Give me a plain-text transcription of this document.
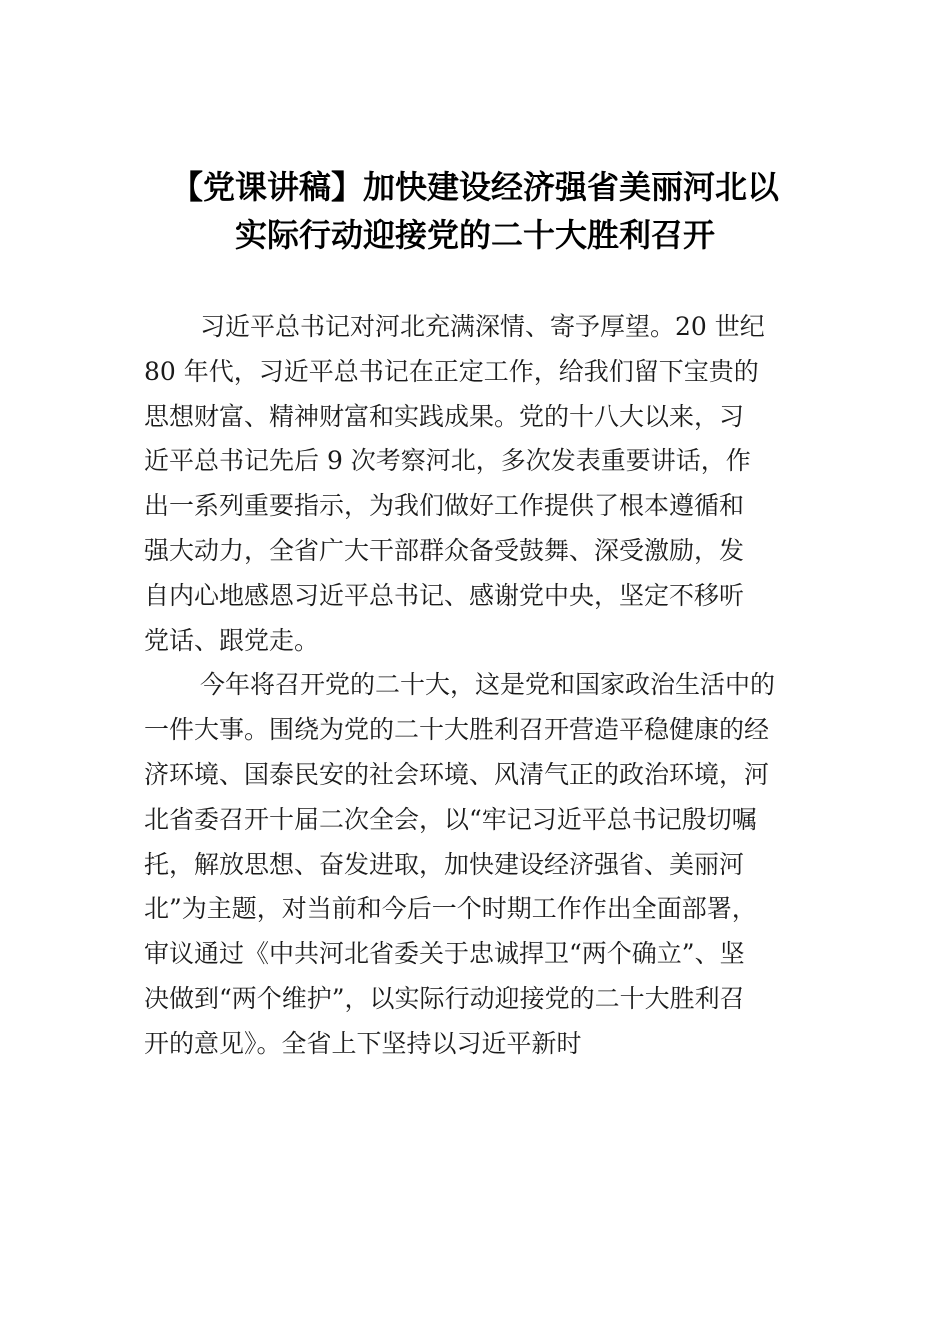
【党课讲稿】加快建设经济强省美丽河北以
实际行动迎接党的二十大胜利召开
习近平总书记对河北充满深情、寄予厚望。20 世纪
80 年代，习近平总书记在正定工作，给我们留下宝贵的
思想财富、精神财富和实践成果。党的十八大以来，习
近平总书记先后 9 次考察河北，多次发表重要讲话，作
出一系列重要指示，为我们做好工作提供了根本遵循和
强大动力，全省广大干部群众备受鼓舞、深受激励，发
自内心地感恩习近平总书记、感谢党中央，坚定不移听
党话、跟党走。
今年将召开党的二十大，这是党和国家政治生活中的
一件大事。围绕为党的二十大胜利召开营造平稳健康的经
济环境、国泰民安的社会环境、风清气正的政治环境，河
北省委召开十届二次全会，以“牢记习近平总书记殷切嘱
托，解放思想、奋发进取，加快建设经济强省、美丽河
北”为主题，对当前和今后一个时期工作作出全面部署，
审议通过《中共河北省委关于忠诚捍卫“两个确立”、坚
决做到“两个维护”，以实际行动迎接党的二十大胜利召
开的意见》。全省上下坚持以习近平新时
